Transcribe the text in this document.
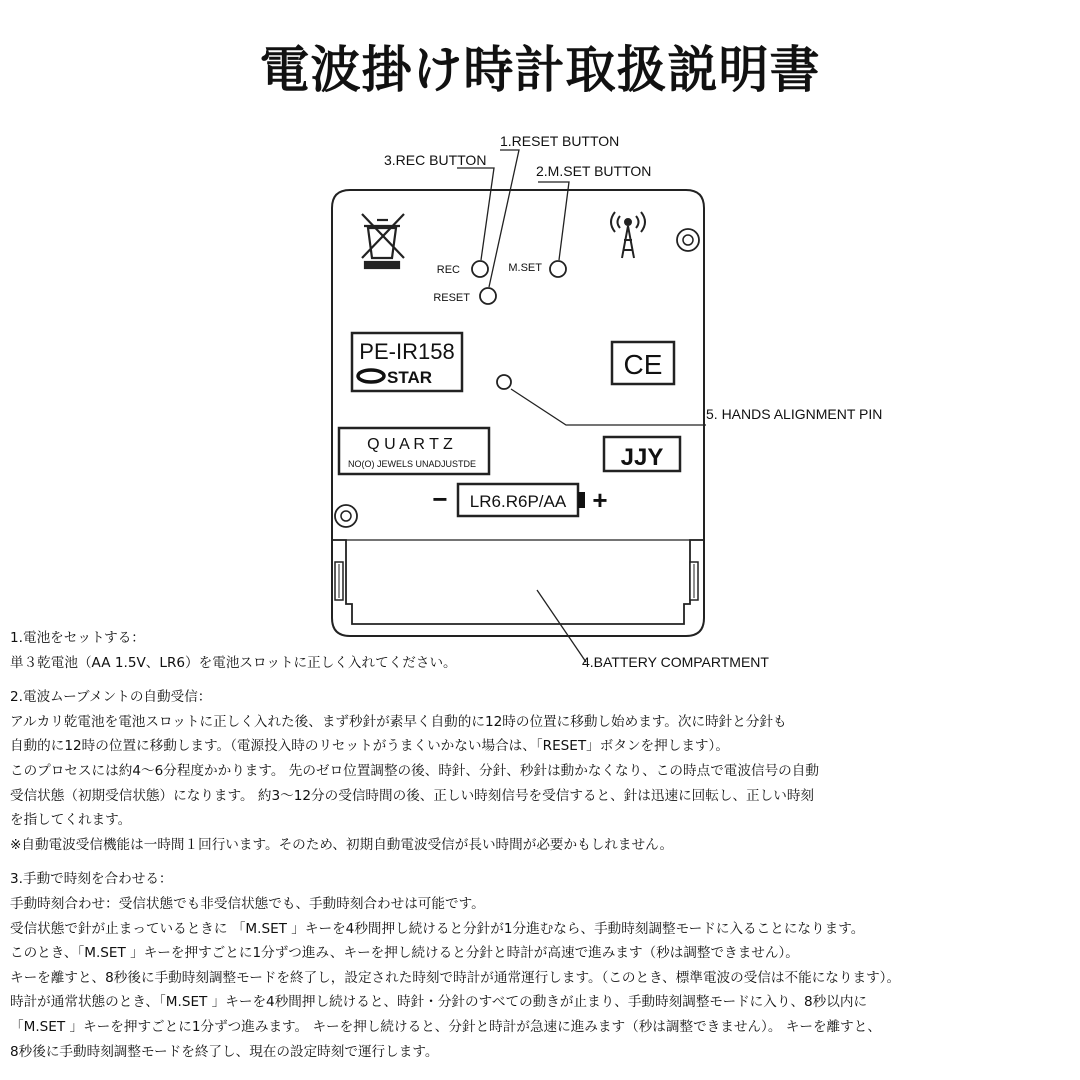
電波掛け時計取扱説明書
REC	M.SET
RESET
PE-IR158
STAR	CE
Q U A R T Z
NO(O) JEWELS UNADJUSTDE	JJY
− LR6.R6P/AA +
1.RESET BUTTON
3.REC BUTTON
2.M.SET BUTTON
5. HANDS ALIGNMENT PIN
4.BATTERY COMPARTMENT

1.電池をセットする：

単３乾電池（AA 1.5V、LR6）を電池スロットに正しく入れてください。

2.電波ムーブメントの自動受信：

アルカリ乾電池を電池スロットに正しく入れた後、まず秒針が素早く自動的に12時の位置に移動し始めます。次に時針と分針も

自動的に12時の位置に移動します。（電源投入時のリセットがうまくいかない場合は、「RESET」ボタンを押します）。

このプロセスには約4～6分程度かかります。 先のゼロ位置調整の後、時針、分針、秒針は動かなくなり、この時点で電波信号の自動

受信状態（初期受信状態）になります。 約3～12分の受信時間の後、正しい時刻信号を受信すると、針は迅速に回転し、正しい時刻

を指してくれます。

※自動電波受信機能は一時間１回行います。そのため、初期自動電波受信が長い時間が必要かもしれません。

3.手動で時刻を合わせる：

手動時刻合わせ：受信状態でも非受信状態でも、手動時刻合わせは可能です。

受信状態で針が止まっているときに 「M.SET 」キーを4秒間押し続けると分針が1分進むなら、手動時刻調整モードに入ることになります。

このとき、「M.SET 」キーを押すごとに1分ずつ進み、キーを押し続けると分針と時計が高速で進みます（秒は調整できません）。

キーを離すと、8秒後に手動時刻調整モードを終了し，設定された時刻で時計が通常運行します。（このとき、標準電波の受信は不能になります）。

時計が通常状態のとき、「M.SET 」キーを4秒間押し続けると、時針・分針のすべての動きが止まり、手動時刻調整モードに入り、8秒以内に

「M.SET 」キーを押すごとに1分ずつ進みます。 キーを押し続けると、分針と時計が急速に進みます（秒は調整できません）。 キーを離すと、

8秒後に手動時刻調整モードを終了し、現在の設定時刻で運行します。
